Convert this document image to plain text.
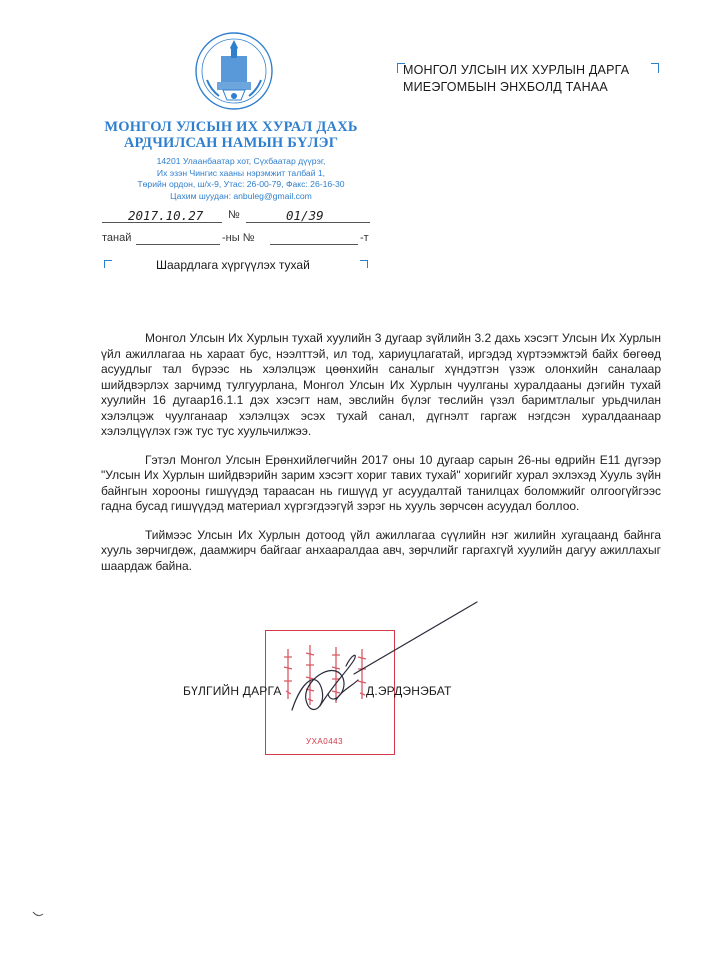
МОНГОЛ УЛСЫН ИХ ХУРАЛ ДАХЬ
АРДЧИЛСАН НАМЫН БҮЛЭГ
14201 Улаанбаатар хот, Сүхбаатар дүүрэг,
Их эзэн Чингис хааны нэрэмжит талбай 1,
Төрийн ордон, ш/х-9, Утас: 26-00-79, Факс: 26-16-30
Цахим шуудан: anbuleg@gmail.com
2017.10.27 №	01/39
танай	-ны №	-т
Шаардлага хүргүүлэх тухай
МОНГОЛ УЛСЫН ИХ ХУРЛЫН ДАРГА
МИЕЭГОМБЫН ЭНХБОЛД ТАНАА

Монгол Улсын Их Хурлын тухай хуулийн 3 дугаар зүйлийн 3.2 дахь хэсэгт Улсын Их Хурлын үйл ажиллагаа нь хараат бус, нээлттэй, ил тод, хариуцлагатай, иргэдэд хүртээмжтэй байх бөгөөд асуудлыг тал бүрээс нь хэлэлцэж цөөнхийн саналыг хүндэтгэн үзэж олонхийн саналаар шийдвэрлэх зарчимд тулгуурлана, Монгол Улсын Их Хурлын чуулганы хуралдааны дэгийн тухай хуулийн 16 дугаар16.1.1 дэх хэсэгт нам, эвслийн бүлэг төслийн үзэл баримтлалыг урьдчилан хэлэлцэж чуулганаар хэлэлцэх эсэх тухай санал, дүгнэлт гаргаж нэгдсэн хуралдаанаар хэлэлцүүлэх гэж тус тус хуульчилжээ.

Гэтэл Монгол Улсын Ерөнхийлөгчийн 2017 оны 10 дугаар сарын 26-ны өдрийн Е11 дүгээр "Улсын Их Хурлын шийдвэрийн зарим хэсэгт хориг тавих тухай" хоригийг хурал эхлэхэд Хууль зүйн байнгын хорооны гишүүдэд тараасан нь гишүүд уг асуудалтай танилцах боломжийг олгоогүйгээс гадна бусад гишүүдэд материал хүргэгдээгүй зэрэг нь хууль зөрчсөн асуудал боллоо.

Тиймээс Улсын Их Хурлын дотоод үйл ажиллагаа сүүлийн нэг жилийн хугацаанд байнга хууль зөрчигдөж, даамжирч байгааг анхааралдаа авч, зөрчлийг гаргахгүй хуулийн дагуу ажиллахыг шаардаж байна.

УХА0443
БҮЛГИЙН ДАРГА	Д.ЭРДЭНЭБАТ
